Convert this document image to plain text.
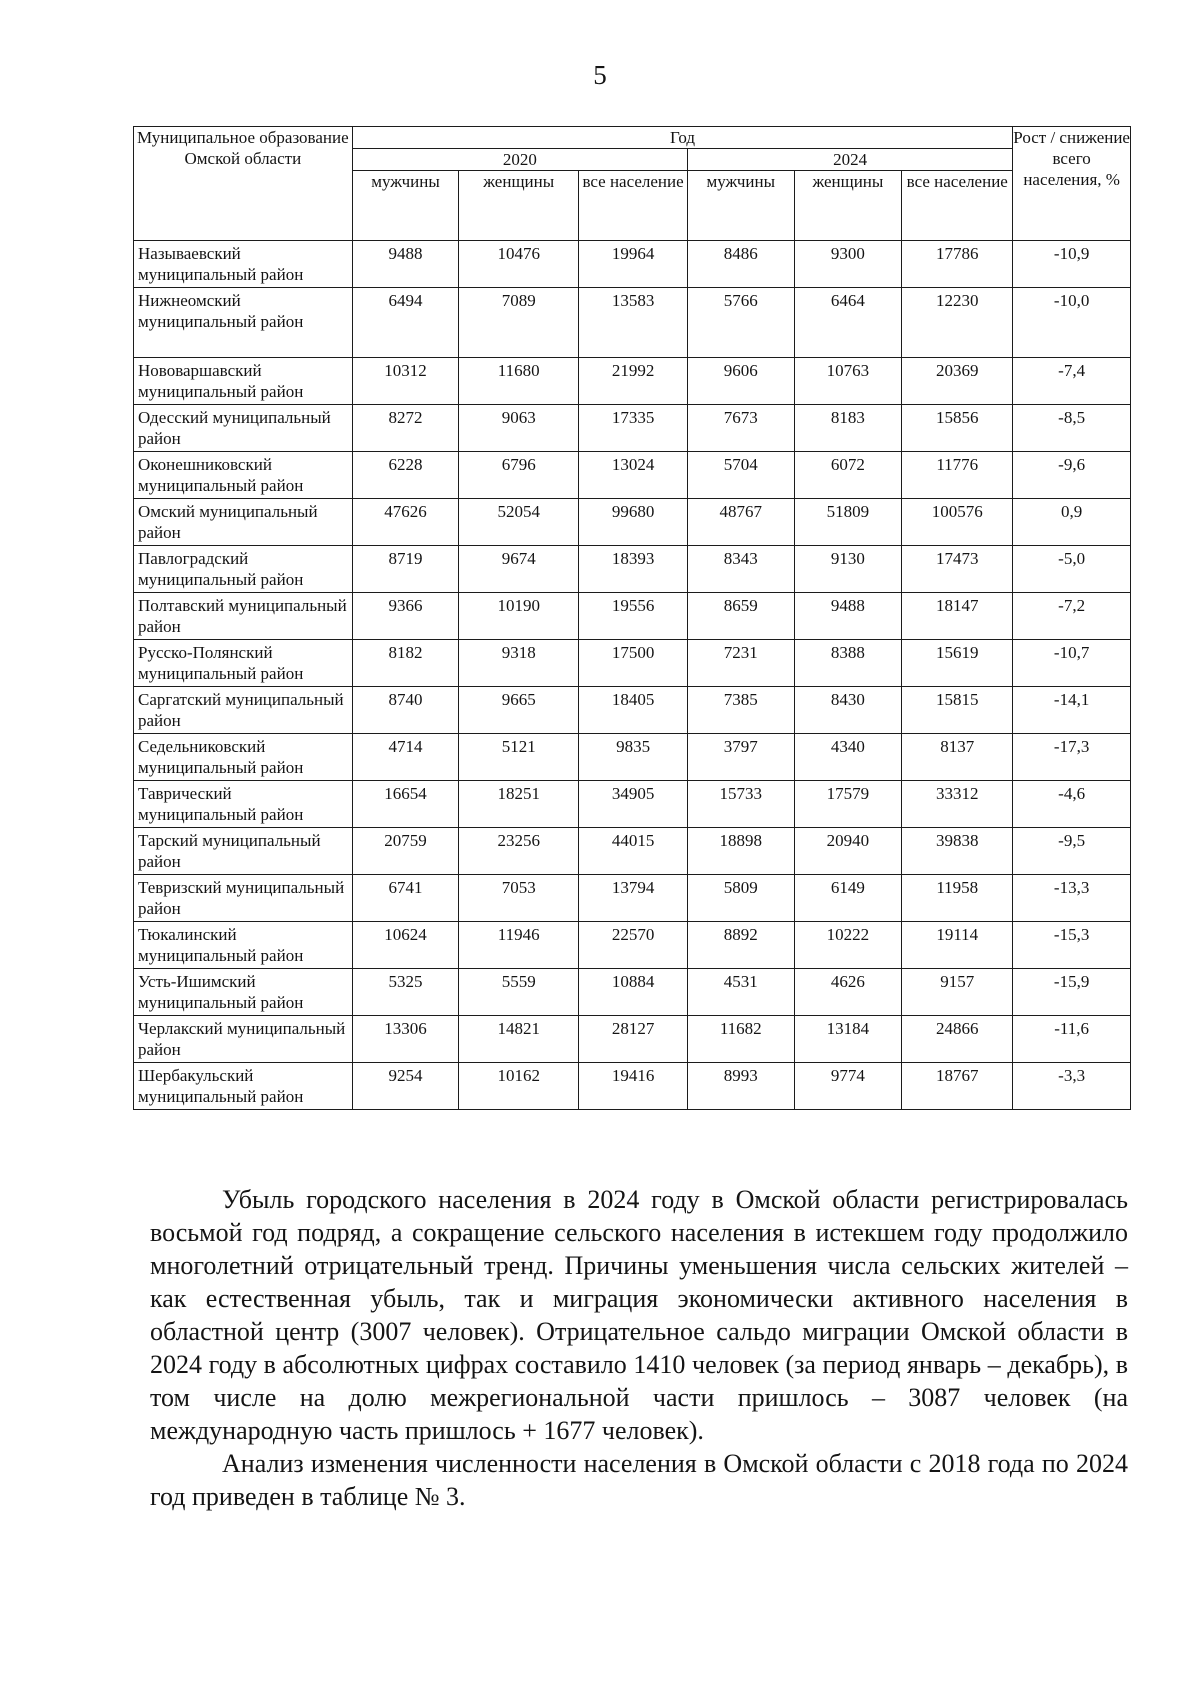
5
Муниципальное образование Омской области	Год						Рост / снижение всего населения, %
	2020			2024			
	мужчины	женщины	все население	мужчины	женщины	все население	
Называевский муниципальный район	9488	10476	19964	8486	9300	17786	-10,9
Нижнеомский муниципальный район	6494	7089	13583	5766	6464	12230	-10,0
Нововаршавский муниципальный район	10312	11680	21992	9606	10763	20369	-7,4
Одесский муниципальный район	8272	9063	17335	7673	8183	15856	-8,5
Оконешниковский муниципальный район	6228	6796	13024	5704	6072	11776	-9,6
Омский муниципальный район	47626	52054	99680	48767	51809	100576	0,9
Павлоградский муниципальный район	8719	9674	18393	8343	9130	17473	-5,0
Полтавский муниципальный район	9366	10190	19556	8659	9488	18147	-7,2
Русско-Полянский муниципальный район	8182	9318	17500	7231	8388	15619	-10,7
Саргатский муниципальный район	8740	9665	18405	7385	8430	15815	-14,1
Седельниковский муниципальный район	4714	5121	9835	3797	4340	8137	-17,3
Таврический муниципальный район	16654	18251	34905	15733	17579	33312	-4,6
Тарский муниципальный район	20759	23256	44015	18898	20940	39838	-9,5
Тевризский муниципальный район	6741	7053	13794	5809	6149	11958	-13,3
Тюкалинский муниципальный район	10624	11946	22570	8892	10222	19114	-15,3
Усть-Ишимский муниципальный район	5325	5559	10884	4531	4626	9157	-15,9
Черлакский муниципальный район	13306	14821	28127	11682	13184	24866	-11,6
Шербакульский муниципальный район	9254	10162	19416	8993	9774	18767	-3,3

Убыль городского населения в 2024 году в Омской области регистрировалась восьмой год подряд, а сокращение сельского населения в истекшем году продолжило многолетний отрицательный тренд. Причины уменьшения числа сельских жителей – как естественная убыль, так и миграция экономически активного населения в областной центр (3007 человек). Отрицательное сальдо миграции Омской области в 2024 году в абсолютных цифрах составило 1410 человек (за период январь – декабрь), в том числе на долю межрегиональной части пришлось – 3087 человек (на международную часть пришлось + 1677 человек).

Анализ изменения численности населения в Омской области с 2018 года по 2024 год приведен в таблице № 3.
